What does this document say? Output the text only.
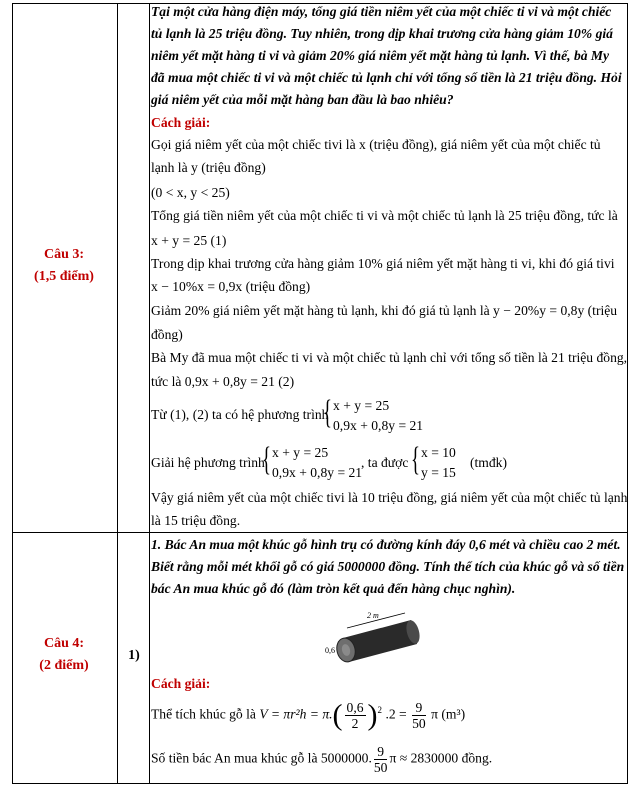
Câu 3:
(1,5 điểm)
Tại một cửa hàng điện máy, tổng giá tiền niêm yết của một chiếc ti vi và một chiếc
tủ lạnh là 25 triệu đồng. Tuy nhiên, trong dịp khai trương cửa hàng giảm 10% giá
niêm yết mặt hàng ti vi và giảm 20% giá niêm yết mặt hàng tủ lạnh. Vì thế, bà My
đã mua một chiếc ti vi và một chiếc tủ lạnh chỉ với tổng số tiền là 21 triệu đồng. Hỏi
giá niêm yết của mỗi mặt hàng ban đầu là bao nhiêu?
Cách giải:
Gọi giá niêm yết của một chiếc tivi là x (triệu đồng), giá niêm yết của một chiếc tủ
lạnh là y (triệu đồng)
(0 < x, y < 25)
Tổng giá tiền niêm yết của một chiếc ti vi và một chiếc tủ lạnh là 25 triệu đồng, tức là
x + y = 25 (1)
Trong dịp khai trương cửa hàng giảm 10% giá niêm yết mặt hàng ti vi, khi đó giá tivi
x − 10%x = 0,9x (triệu đồng)
Giảm 20% giá niêm yết mặt hàng tủ lạnh, khi đó giá tủ lạnh là y − 20%y = 0,8y (triệu
đồng)
Bà My đã mua một chiếc ti vi và một chiếc tủ lạnh chỉ với tổng số tiền là 21 triệu đồng,
tức là 0,9x + 0,8y = 21 (2)
Từ (1), (2) ta có hệ phương trình
{ x + y = 25
0,9x + 0,8y = 21
Giải hệ phương trình
{ x + y = 25
0,9x + 0,8y = 21
, ta được { x = 10
y = 15
(tmđk)
Vậy giá niêm yết của một chiếc tivi là 10 triệu đồng, giá niêm yết của một chiếc tủ lạnh
là 15 triệu đồng.
Câu 4:
(2 điểm)
1)
1. Bác An mua một khúc gỗ hình trụ có đường kính đáy 0,6 mét và chiều cao 2 mét.
Biết rằng mỗi mét khối gỗ có giá 5000000 đồng. Tính thể tích của khúc gỗ và số tiền
bác An mua khúc gỗ đó (làm tròn kết quả đến hàng chục nghìn).
2 m
0,6
Cách giải:
Thể tích khúc gỗ là $V = \pi r^2h = \pi.( \frac{0,6}{2} )^2$ $.2 = \frac{9}{50}$ π (m³)
Số tiền bác An mua khúc gỗ là 5000000. $\frac{9}{50}$ π ≈ 2830000 đồng.
